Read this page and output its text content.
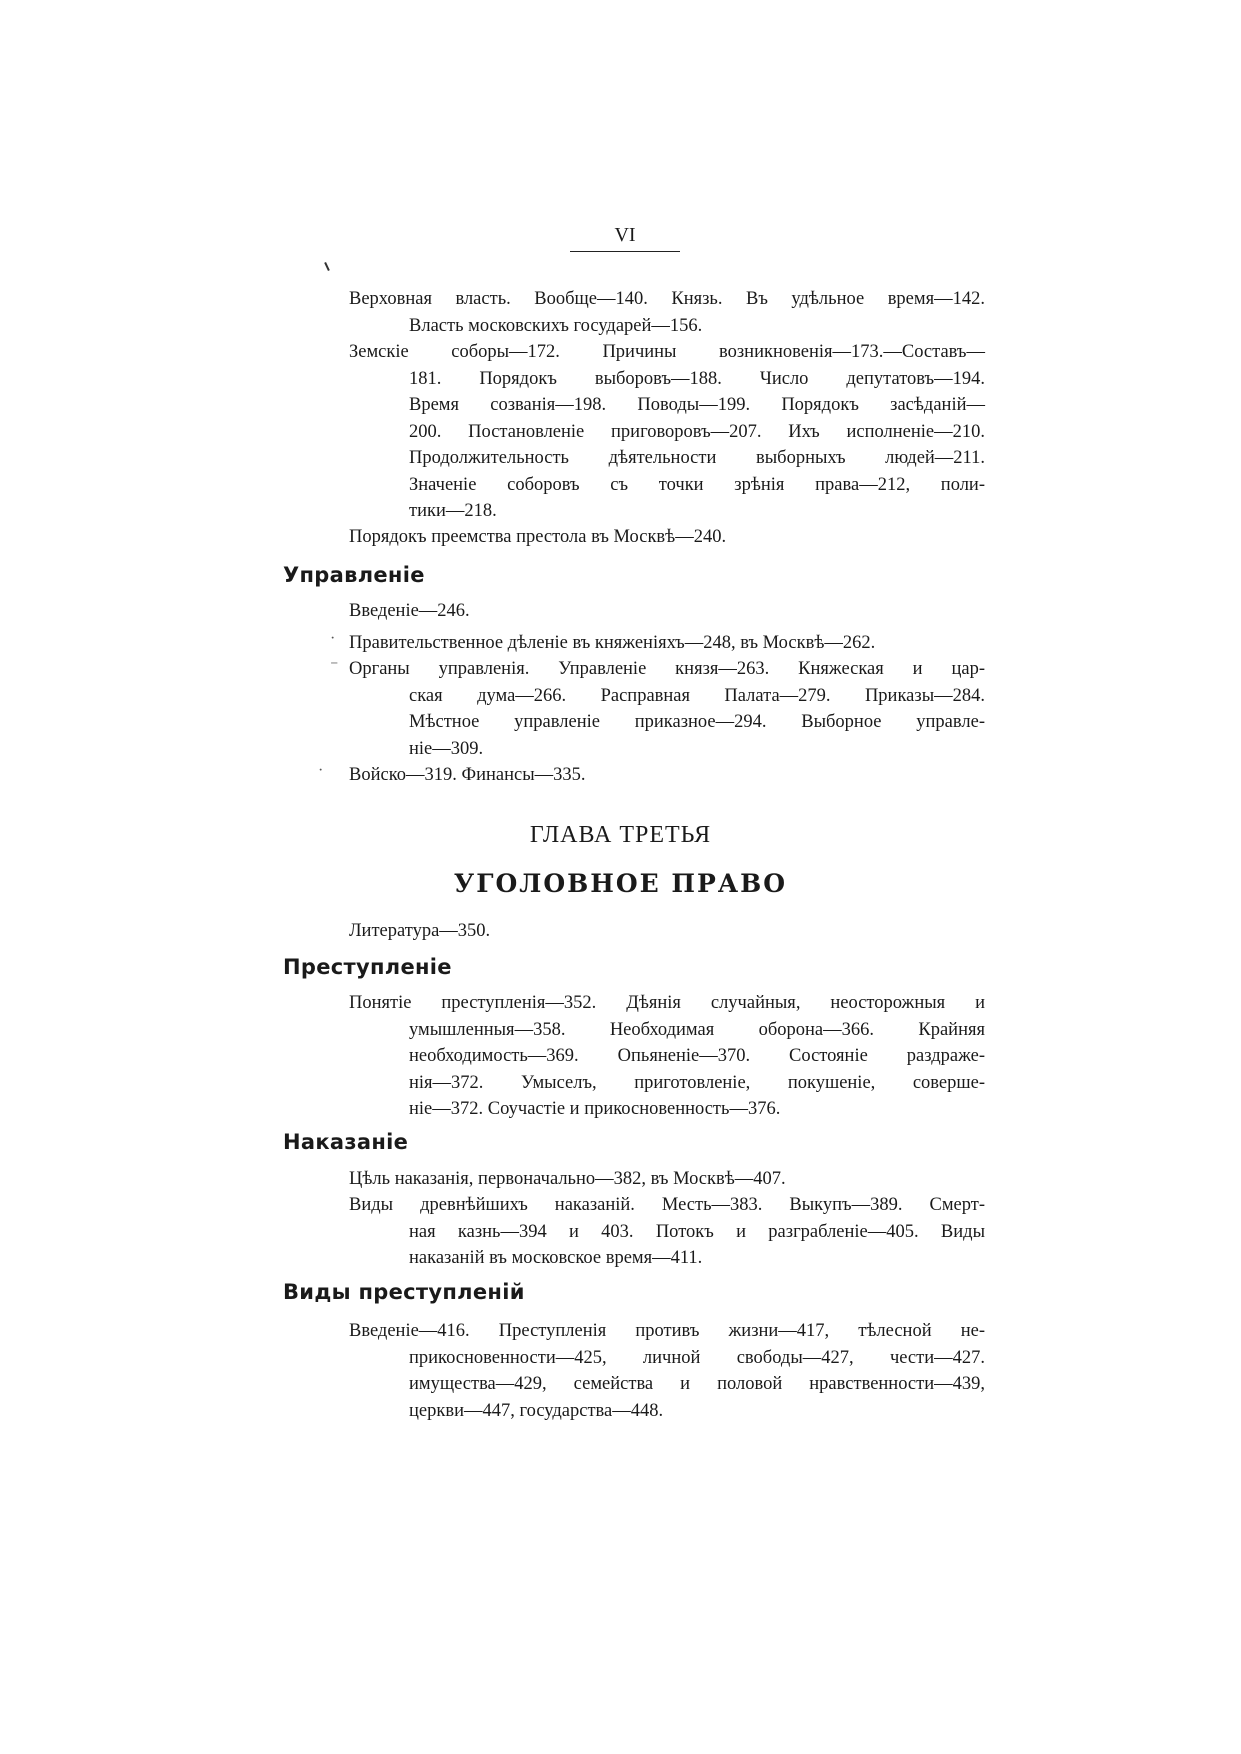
VI
Верховная власть. Вообще—140. Князь. Въ удѣльное время—142.
Власть московскихъ государей—156.
Земскіе соборы—172. Причины возникновенія—173.—Составъ—
181. Порядокъ выборовъ—188. Число депутатовъ—194.
Время созванія—198. Поводы—199. Порядокъ засѣданій—
200. Постановленіе приговоровъ—207. Ихъ исполненіе—210.
Продолжительность дѣятельности выборныхъ людей—211.
Значеніе соборовъ съ точки зрѣнія права—212, поли-
тики—218.
Порядокъ преемства престола въ Москвѣ—240.
Управленіе
Введеніе—246.
Правительственное дѣленіе въ княженіяхъ—248, въ Москвѣ—262.
Органы управленія. Управленіе князя—263. Княжеская и цар-
ская дума—266. Расправная Палата—279. Приказы—284.
Мѣстное управленіе приказное—294. Выборное управле-
ніе—309.
Войско—319. Финансы—335.
·
⁻
·
ГЛАВА ТРЕТЬЯ
УГОЛОВНОЕ ПРАВО
Литература—350.
Преступленіе
Понятіе преступленія—352. Дѣянія случайныя, неосторожныя и
умышленныя—358. Необходимая оборона—366. Крайняя
необходимость—369. Опьяненіе—370. Состояніе раздраже-
нія—372. Умыселъ, приготовленіе, покушеніе, совершe-
ніе—372. Соучастіе и прикосновенность—376.
Наказаніе
Цѣль наказанія, первоначально—382, въ Москвѣ—407.
Виды древнѣйшихъ наказаній. Месть—383. Выкупъ—389. Смерт-
ная казнь—394 и 403. Потокъ и разграбленіе—405. Виды
наказаній въ московское время—411.
Виды преступленій
Введеніе—416. Преступленія противъ жизни—417, тѣлесной не-
прикосновенности—425, личной свободы—427, чести—427.
имущества—429, семейства и половой нравственности—439,
церкви—447, государства—448.
